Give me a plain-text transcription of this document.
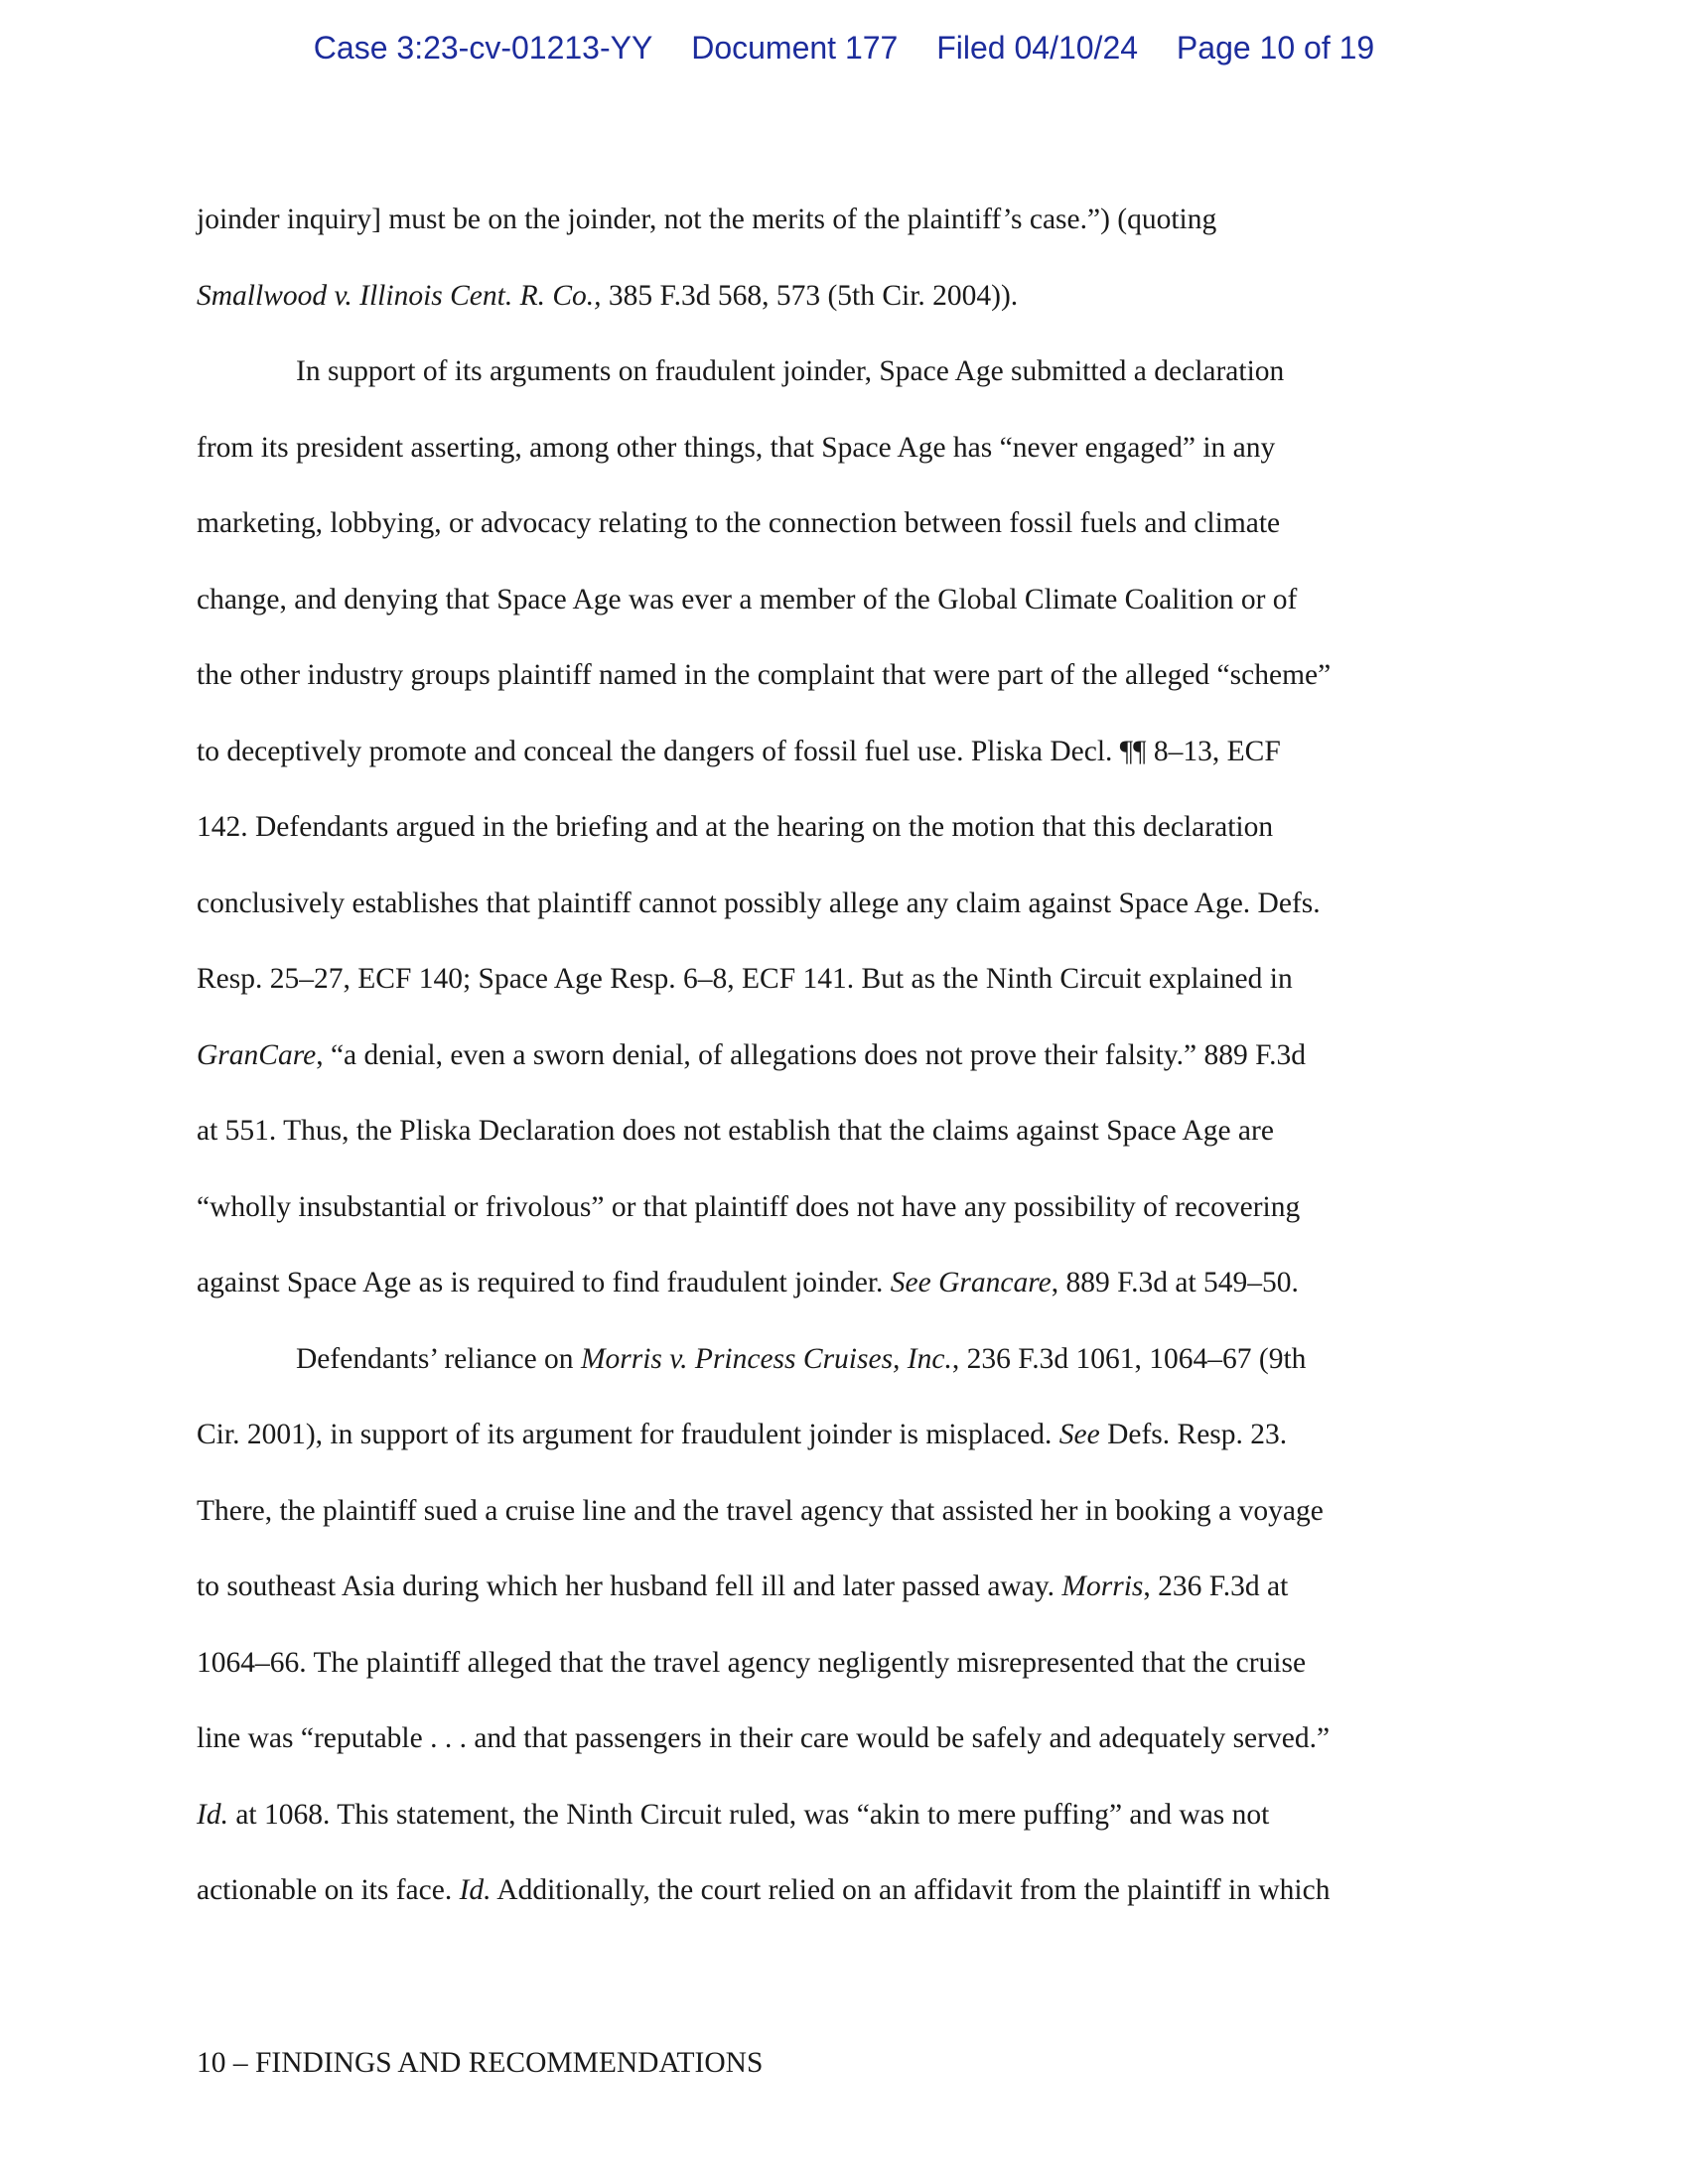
Case 3:23-cv-01213-YY Document 177 Filed 04/10/24 Page 10 of 19
joinder inquiry] must be on the joinder, not the merits of the plaintiff’s case.”) (quoting
Smallwood v. Illinois Cent. R. Co., 385 F.3d 568, 573 (5th Cir. 2004)).
In support of its arguments on fraudulent joinder, Space Age submitted a declaration
from its president asserting, among other things, that Space Age has “never engaged” in any
marketing, lobbying, or advocacy relating to the connection between fossil fuels and climate
change, and denying that Space Age was ever a member of the Global Climate Coalition or of
the other industry groups plaintiff named in the complaint that were part of the alleged “scheme”
to deceptively promote and conceal the dangers of fossil fuel use. Pliska Decl. ¶¶ 8–13, ECF
142. Defendants argued in the briefing and at the hearing on the motion that this declaration
conclusively establishes that plaintiff cannot possibly allege any claim against Space Age. Defs.
Resp. 25–27, ECF 140; Space Age Resp. 6–8, ECF 141. But as the Ninth Circuit explained in
GranCare, “a denial, even a sworn denial, of allegations does not prove their falsity.” 889 F.3d
at 551. Thus, the Pliska Declaration does not establish that the claims against Space Age are
“wholly insubstantial or frivolous” or that plaintiff does not have any possibility of recovering
against Space Age as is required to find fraudulent joinder. See Grancare, 889 F.3d at 549–50.
Defendants’ reliance on Morris v. Princess Cruises, Inc., 236 F.3d 1061, 1064–67 (9th
Cir. 2001), in support of its argument for fraudulent joinder is misplaced. See Defs. Resp. 23.
There, the plaintiff sued a cruise line and the travel agency that assisted her in booking a voyage
to southeast Asia during which her husband fell ill and later passed away. Morris, 236 F.3d at
1064–66. The plaintiff alleged that the travel agency negligently misrepresented that the cruise
line was “reputable . . . and that passengers in their care would be safely and adequately served.”
Id. at 1068. This statement, the Ninth Circuit ruled, was “akin to mere puffing” and was not
actionable on its face. Id. Additionally, the court relied on an affidavit from the plaintiff in which
10 – FINDINGS AND RECOMMENDATIONS
